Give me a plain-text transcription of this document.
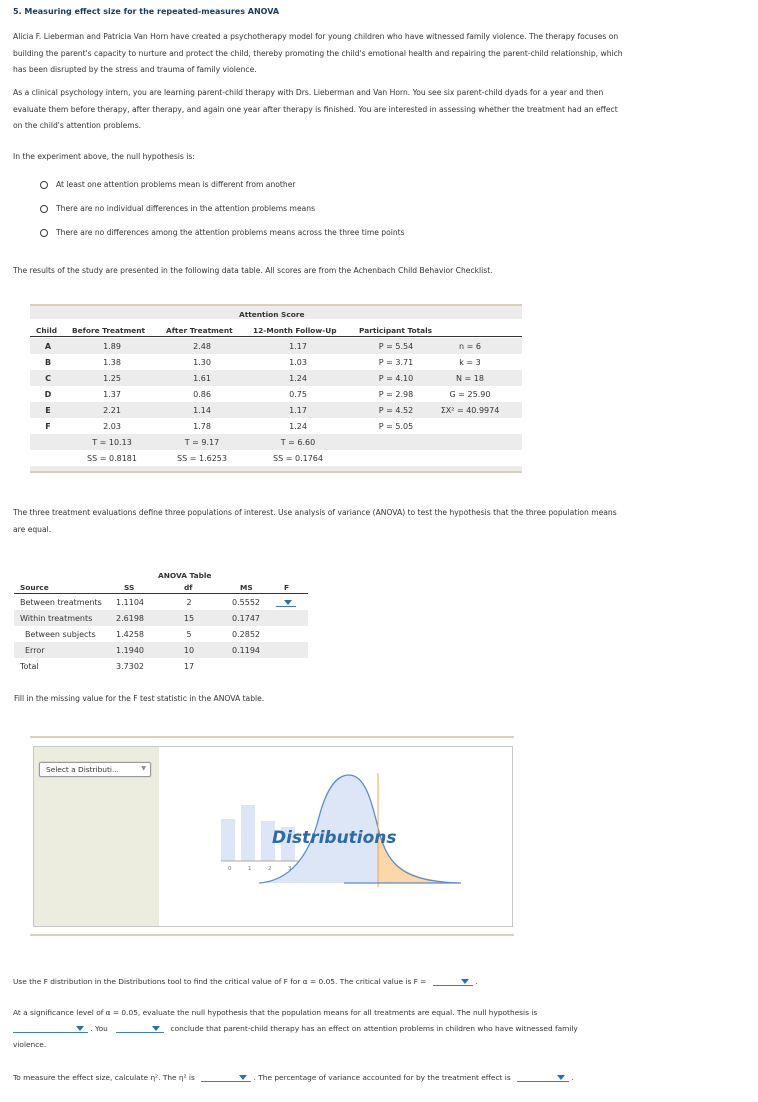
5. Measuring effect size for the repeated-measures ANOVA
Alicia F. Lieberman and Patricia Van Horn have created a psychotherapy model for young children who have witnessed family violence. The therapy focuses on building the parent's capacity to nurture and protect the child, thereby promoting the child's emotional health and repairing the parent-child relationship, which has been disrupted by the stress and trauma of family violence.
As a clinical psychology intern, you are learning parent-child therapy with Drs. Lieberman and Van Horn. You see six parent-child dyads for a year and then evaluate them before therapy, after therapy, and again one year after therapy is finished. You are interested in assessing whether the treatment had an effect on the child's attention problems.
In the experiment above, the null hypothesis is:
At least one attention problems mean is different from another
There are no individual differences in the attention problems means
There are no differences among the attention problems means across the three time points
The results of the study are presented in the following data table. All scores are from the Achenbach Child Behavior Checklist.
Attention Score
Child Before Treatment	After Treatment	12-Month Follow-Up	Participant Totals
A	1.89	2.48	1.17	P = 5.54	n = 6
B	1.38	1.30	1.03	P = 3.71	k = 3
C	1.25	1.61	1.24	P = 4.10	N = 18
D	1.37	0.86	0.75	P = 2.98	G = 25.90
E	2.21	1.14	1.17	P = 4.52	ΣX² = 40.9974
F	2.03	1.78	1.24	P = 5.05
T = 10.13	T = 9.17	T = 6.60
SS = 0.8181	SS = 1.6253	SS = 0.1764
The three treatment evaluations define three populations of interest. Use analysis of variance (ANOVA) to test the hypothesis that the three population means are equal.
ANOVA Table
Source	SS	df	MS	F
Between treatments	1.1104	2	0.5552
Within treatments	2.6198	15	0.1747
Between subjects	1.4258	5	0.2852
Error	1.1940	10	0.1194
Total	3.7302	17
Fill in the missing value for the F test statistic in the ANOVA table.
Select a Distributi...	▼
0	1	2	3
Distributions
Use the F distribution in the Distributions tool to find the critical value of F for α = 0.05. The critical value is F =	.
At a significance level of α = 0.05, evaluate the null hypothesis that the population means for all treatments are equal. The null hypothesis is
. You	conclude that parent-child therapy has an effect on attention problems in children who have witnessed family
violence.
To measure the effect size, calculate η². The η² is	. The percentage of variance accounted for by the treatment effect is	.
